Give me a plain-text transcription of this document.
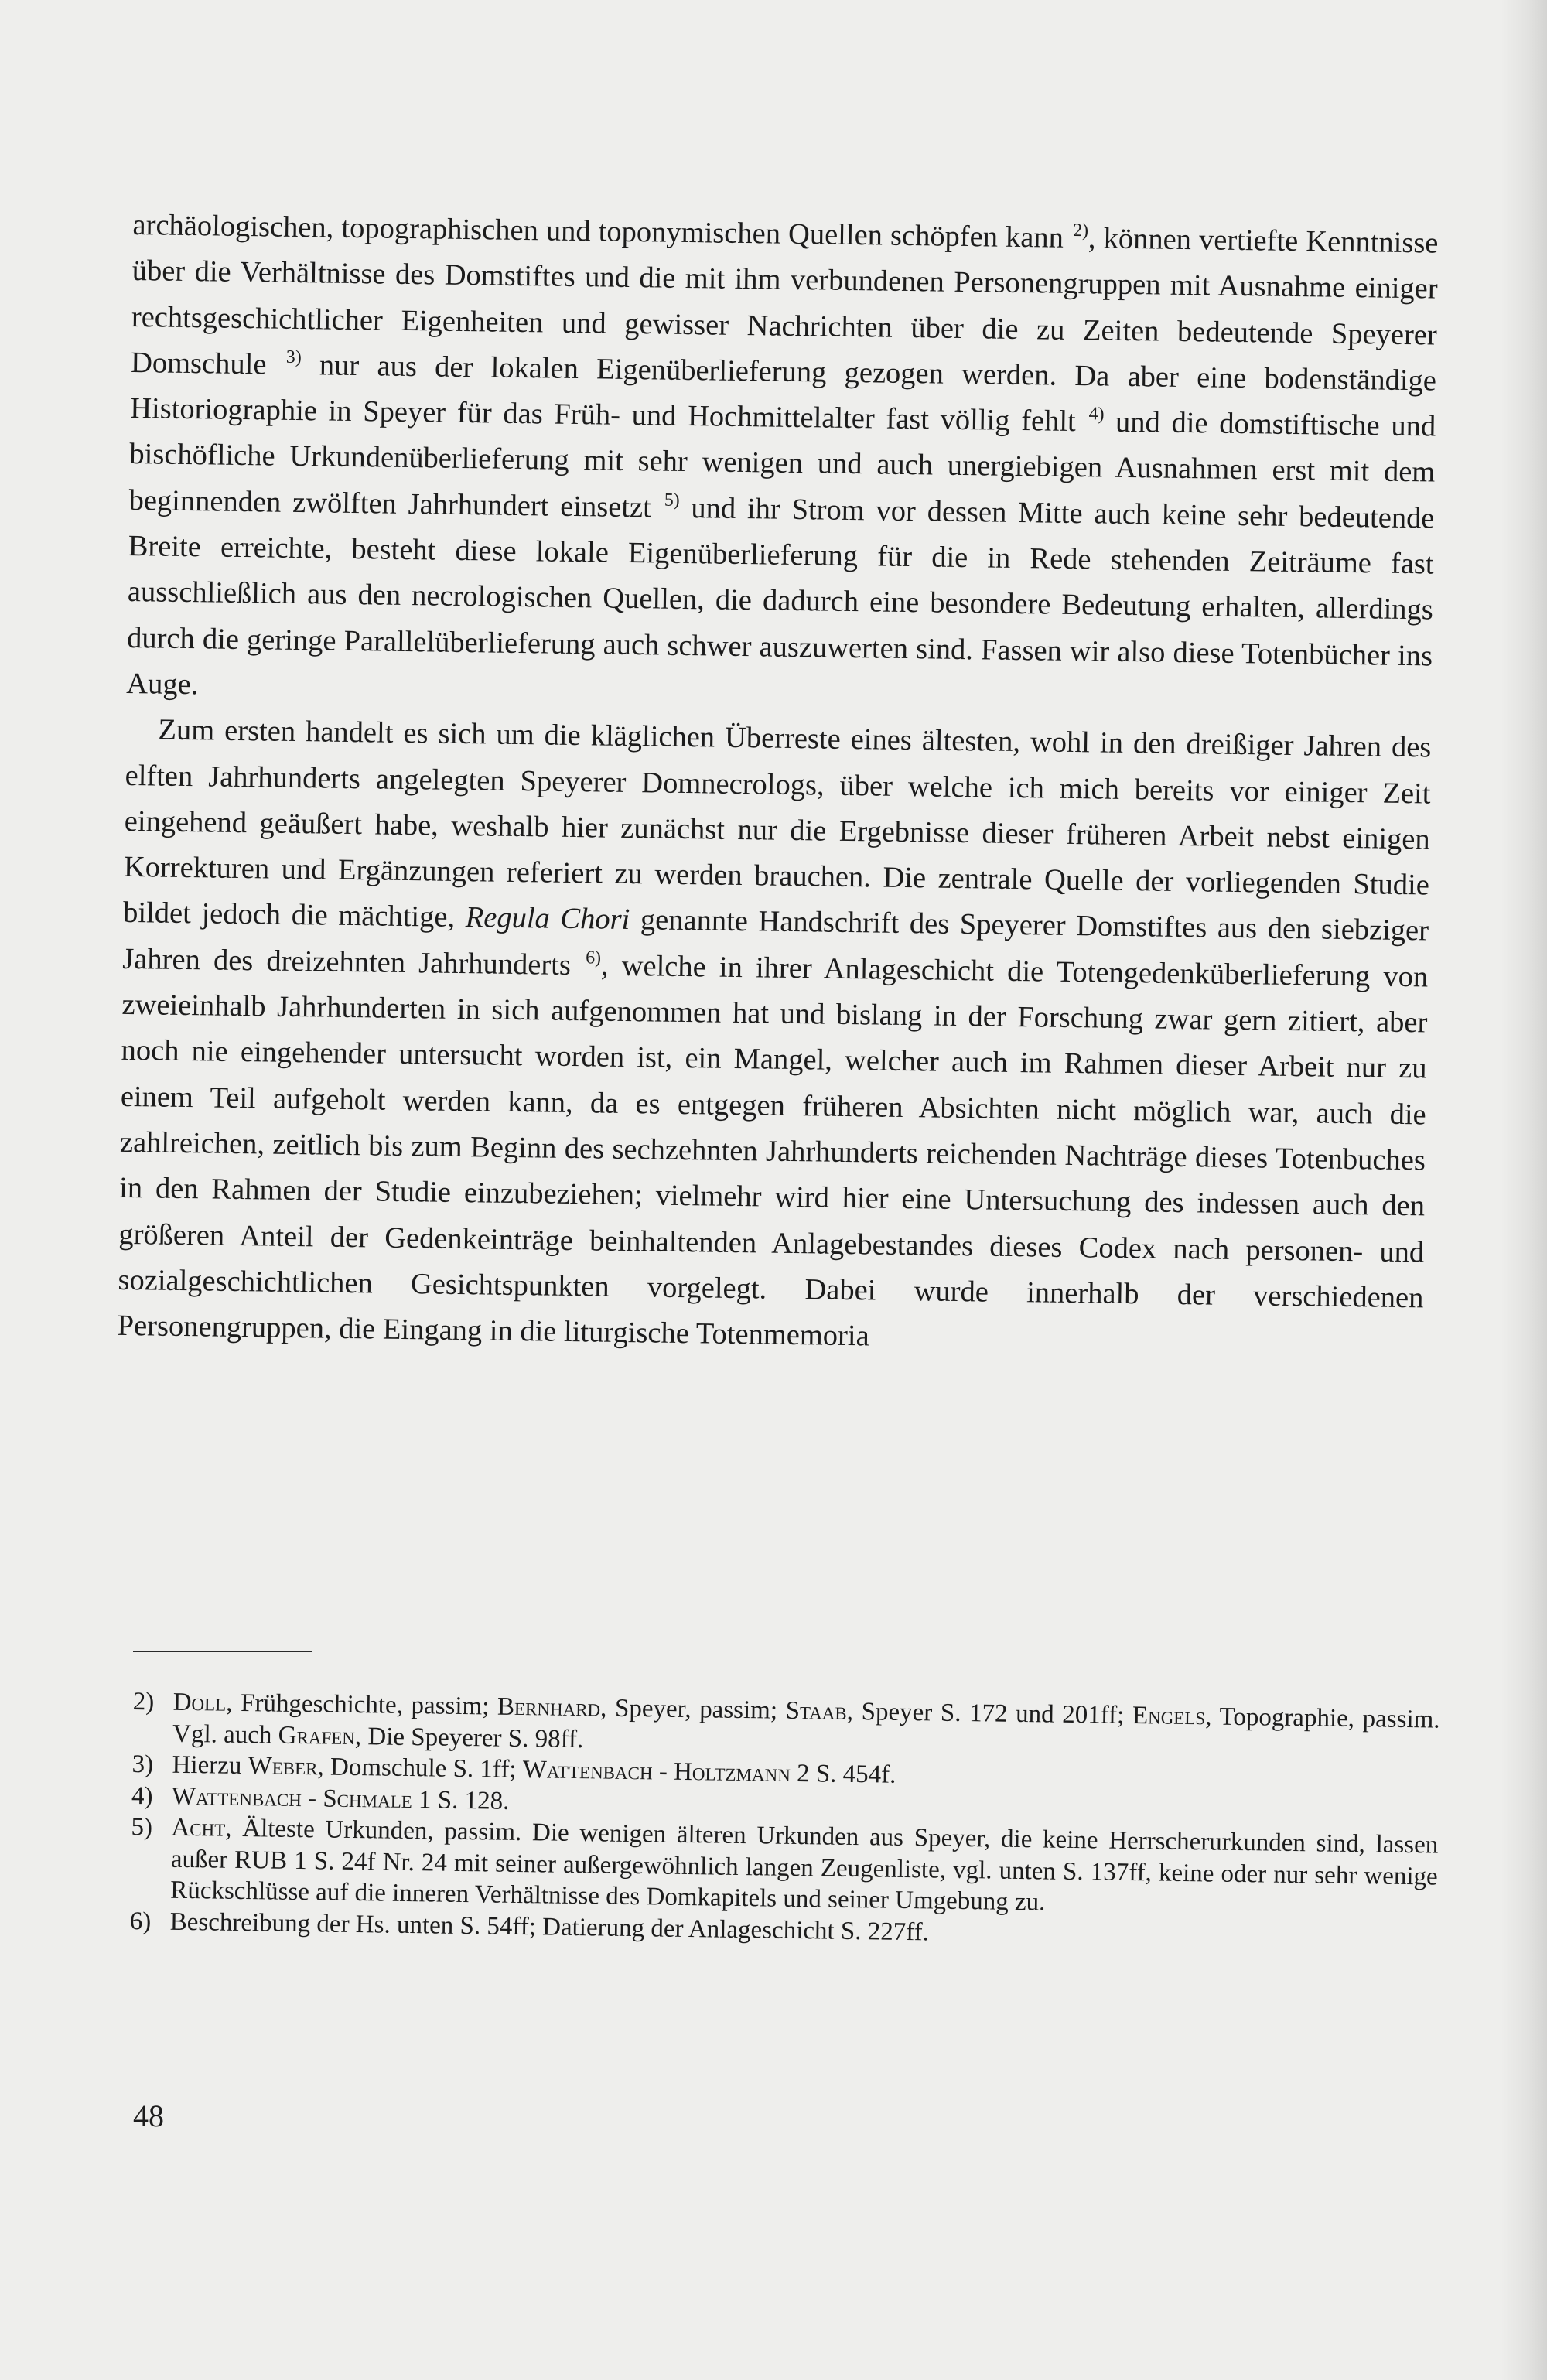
archäologischen, topographischen und toponymischen Quellen schöpfen kann $^{2)}$, können vertiefte Kenntnisse über die Verhältnisse des Domstiftes und die mit ihm verbundenen Personengruppen mit Ausnahme einiger rechtsgeschichtlicher Eigenheiten und gewisser Nachrichten über die zu Zeiten bedeutende Speyerer Domschule $^{3)}$ nur aus der lokalen Eigenüberlieferung gezogen werden. Da aber eine bodenständige Historiographie in Speyer für das Früh- und Hochmittelalter fast völlig fehlt $^{4)}$ und die domstiftische und bischöfliche Urkundenüberlieferung mit sehr wenigen und auch unergiebigen Ausnahmen erst mit dem beginnenden zwölften Jahrhundert einsetzt $^{5)}$ und ihr Strom vor dessen Mitte auch keine sehr bedeutende Breite erreichte, besteht diese lokale Eigenüberlieferung für die in Rede stehenden Zeiträume fast ausschließlich aus den necrologischen Quellen, die dadurch eine besondere Bedeutung erhalten, allerdings durch die geringe Parallelüberlieferung auch schwer auszuwerten sind. Fassen wir also diese Totenbücher ins Auge.

Zum ersten handelt es sich um die kläglichen Überreste eines ältesten, wohl in den dreißiger Jahren des elften Jahrhunderts angelegten Speyerer Domnecrologs, über welche ich mich bereits vor einiger Zeit eingehend geäußert habe, weshalb hier zunächst nur die Ergebnisse dieser früheren Arbeit nebst einigen Korrekturen und Ergänzungen referiert zu werden brauchen. Die zentrale Quelle der vorliegenden Studie bildet jedoch die mächtige, Regula Chori genannte Handschrift des Speyerer Domstiftes aus den siebziger Jahren des dreizehnten Jahrhunderts $^{6)}$, welche in ihrer Anlageschicht die Totengedenküberlieferung von zweieinhalb Jahrhunderten in sich aufgenommen hat und bislang in der Forschung zwar gern zitiert, aber noch nie eingehender untersucht worden ist, ein Mangel, welcher auch im Rahmen dieser Arbeit nur zu einem Teil aufgeholt werden kann, da es entgegen früheren Absichten nicht möglich war, auch die zahlreichen, zeitlich bis zum Beginn des sechzehnten Jahrhunderts reichenden Nachträge dieses Totenbuches in den Rahmen der Studie einzubeziehen; vielmehr wird hier eine Untersuchung des indessen auch den größeren Anteil der Gedenkeinträge beinhaltenden Anlagebestandes dieses Codex nach personen- und sozialgeschichtlichen Gesichtspunkten vorgelegt. Dabei wurde innerhalb der verschiedenen Personengruppen, die Eingang in die liturgische Totenmemoria

2) Doll, Frühgeschichte, passim; Bernhard, Speyer, passim; Staab, Speyer S. 172 und 201ff; Engels, Topographie, passim. Vgl. auch Grafen, Die Speyerer S. 98ff.

3) Hierzu Weber, Domschule S. 1ff; Wattenbach - Holtzmann 2 S. 454f.

4) Wattenbach - Schmale 1 S. 128.

5) Acht, Älteste Urkunden, passim. Die wenigen älteren Urkunden aus Speyer, die keine Herrscherurkunden sind, lassen außer RUB 1 S. 24f Nr. 24 mit seiner außergewöhnlich langen Zeugenliste, vgl. unten S. 137ff, keine oder nur sehr wenige Rückschlüsse auf die inneren Verhältnisse des Domkapitels und seiner Umgebung zu.

6) Beschreibung der Hs. unten S. 54ff; Datierung der Anlageschicht S. 227ff.

48
